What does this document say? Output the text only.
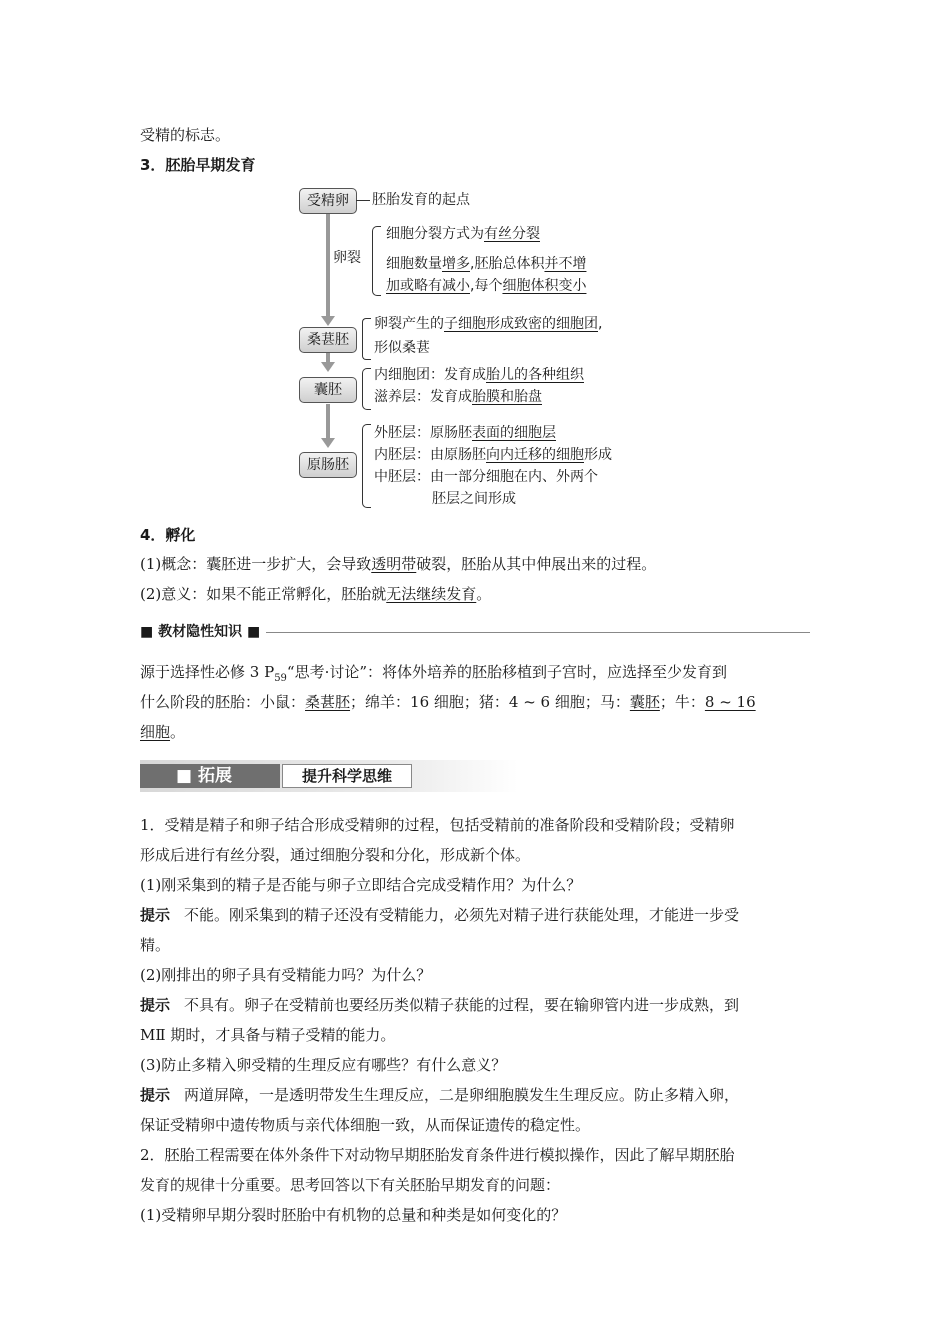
受精的标志。

3．胚胎早期发育

受精卵	胚胎发育的起点
卵裂
细胞分裂方式为有丝分裂
细胞数量增多,胚胎总体积并不增
加或略有减小,每个细胞体积变小
桑葚胚
卵裂产生的子细胞形成致密的细胞团,
形似桑葚
囊胚
内细胞团：发育成胎儿的各种组织
滋养层：发育成胎膜和胎盘
原肠胚
外胚层：原肠胚表面的细胞层
内胚层：由原肠胚向内迁移的细胞形成
中胚层：由一部分细胞在内、外两个
胚层之间形成

4．孵化

(1)概念：囊胚进一步扩大，会导致透明带破裂，胚胎从其中伸展出来的过程。

(2)意义：如果不能正常孵化，胚胎就无法继续发育。

■ 教材隐性知识 ■

源于选择性必修 3 $P_{59}“$思考·讨论”：将体外培养的胚胎移植到子宫时，应选择至少发育到

什么阶段的胚胎：小鼠：桑葚胚；绵羊：16 细胞；猪：4 ~ 6 细胞；马：囊胚；牛：8 ~ 16

细胞。

■ 拓展	提升科学思维

1．受精是精子和卵子结合形成受精卵的过程，包括受精前的准备阶段和受精阶段；受精卵

形成后进行有丝分裂，通过细胞分裂和分化，形成新个体。

(1)刚采集到的精子是否能与卵子立即结合完成受精作用？为什么？

提示 不能。刚采集到的精子还没有受精能力，必须先对精子进行获能处理，才能进一步受

精。

(2)刚排出的卵子具有受精能力吗？为什么？

提示 不具有。卵子在受精前也要经历类似精子获能的过程，要在输卵管内进一步成熟，到

MⅡ 期时，才具备与精子受精的能力。

(3)防止多精入卵受精的生理反应有哪些？有什么意义？

提示 两道屏障，一是透明带发生生理反应，二是卵细胞膜发生生理反应。防止多精入卵，

保证受精卵中遗传物质与亲代体细胞一致，从而保证遗传的稳定性。

2．胚胎工程需要在体外条件下对动物早期胚胎发育条件进行模拟操作，因此了解早期胚胎

发育的规律十分重要。思考回答以下有关胚胎早期发育的问题：

(1)受精卵早期分裂时胚胎中有机物的总量和种类是如何变化的？
